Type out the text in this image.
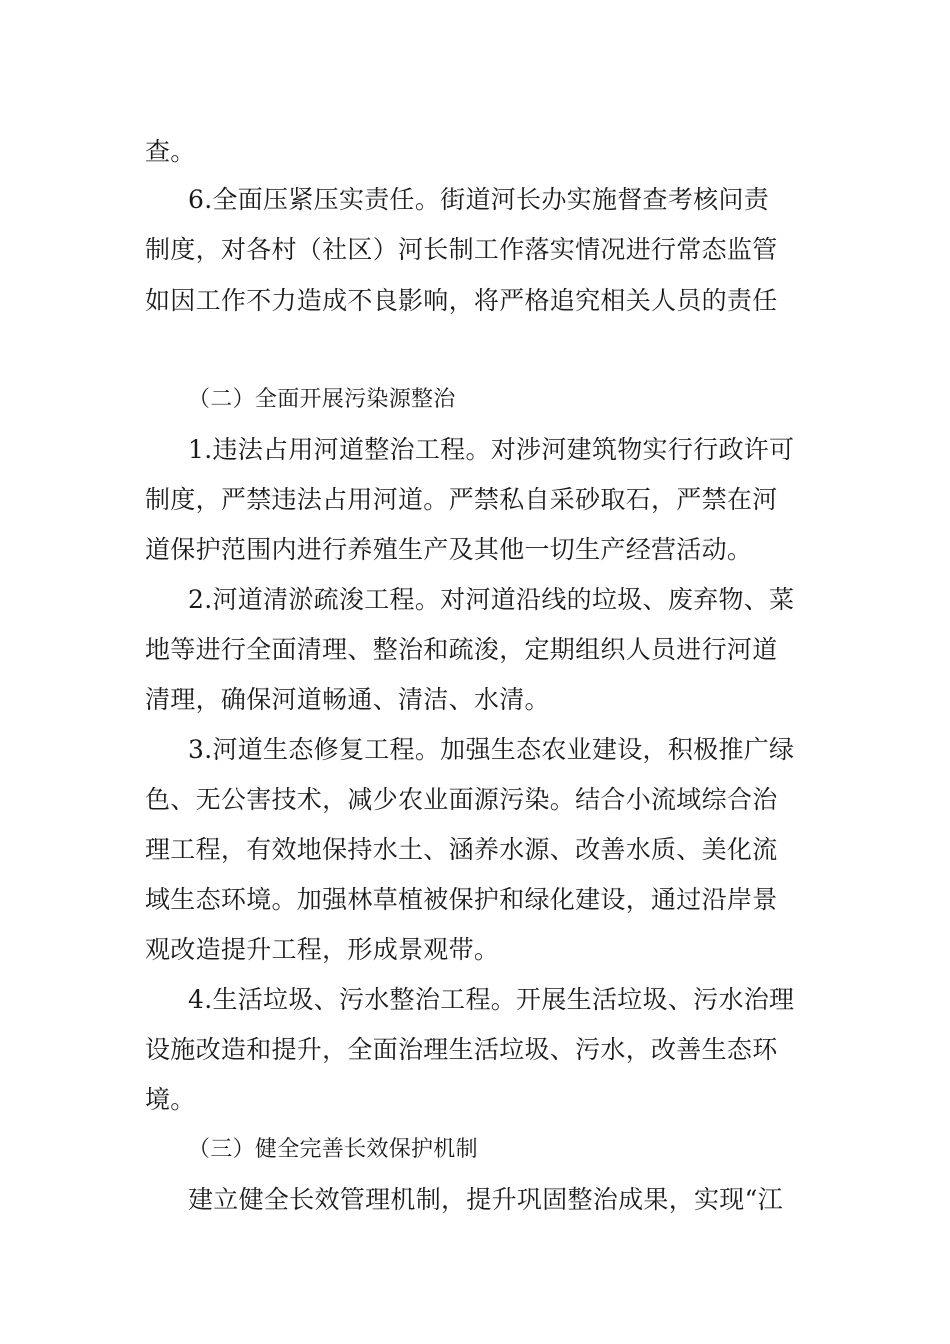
查。
6.全面压紧压实责任。街道河长办实施督查考核问责
制度，对各村（社区）河长制工作落实情况进行常态监管
如因工作不力造成不良影响，将严格追究相关人员的责任
（二）全面开展污染源整治
1.违法占用河道整治工程。对涉河建筑物实行行政许可
制度，严禁违法占用河道。严禁私自采砂取石，严禁在河
道保护范围内进行养殖生产及其他一切生产经营活动。
2.河道清淤疏浚工程。对河道沿线的垃圾、废弃物、菜
地等进行全面清理、整治和疏浚，定期组织人员进行河道
清理，确保河道畅通、清洁、水清。
3.河道生态修复工程。加强生态农业建设，积极推广绿
色、无公害技术，减少农业面源污染。结合小流域综合治
理工程，有效地保持水土、涵养水源、改善水质、美化流
域生态环境。加强林草植被保护和绿化建设，通过沿岸景
观改造提升工程，形成景观带。
4.生活垃圾、污水整治工程。开展生活垃圾、污水治理
设施改造和提升，全面治理生活垃圾、污水，改善生态环
境。
（三）健全完善长效保护机制
建立健全长效管理机制，提升巩固整治成果，实现“江
